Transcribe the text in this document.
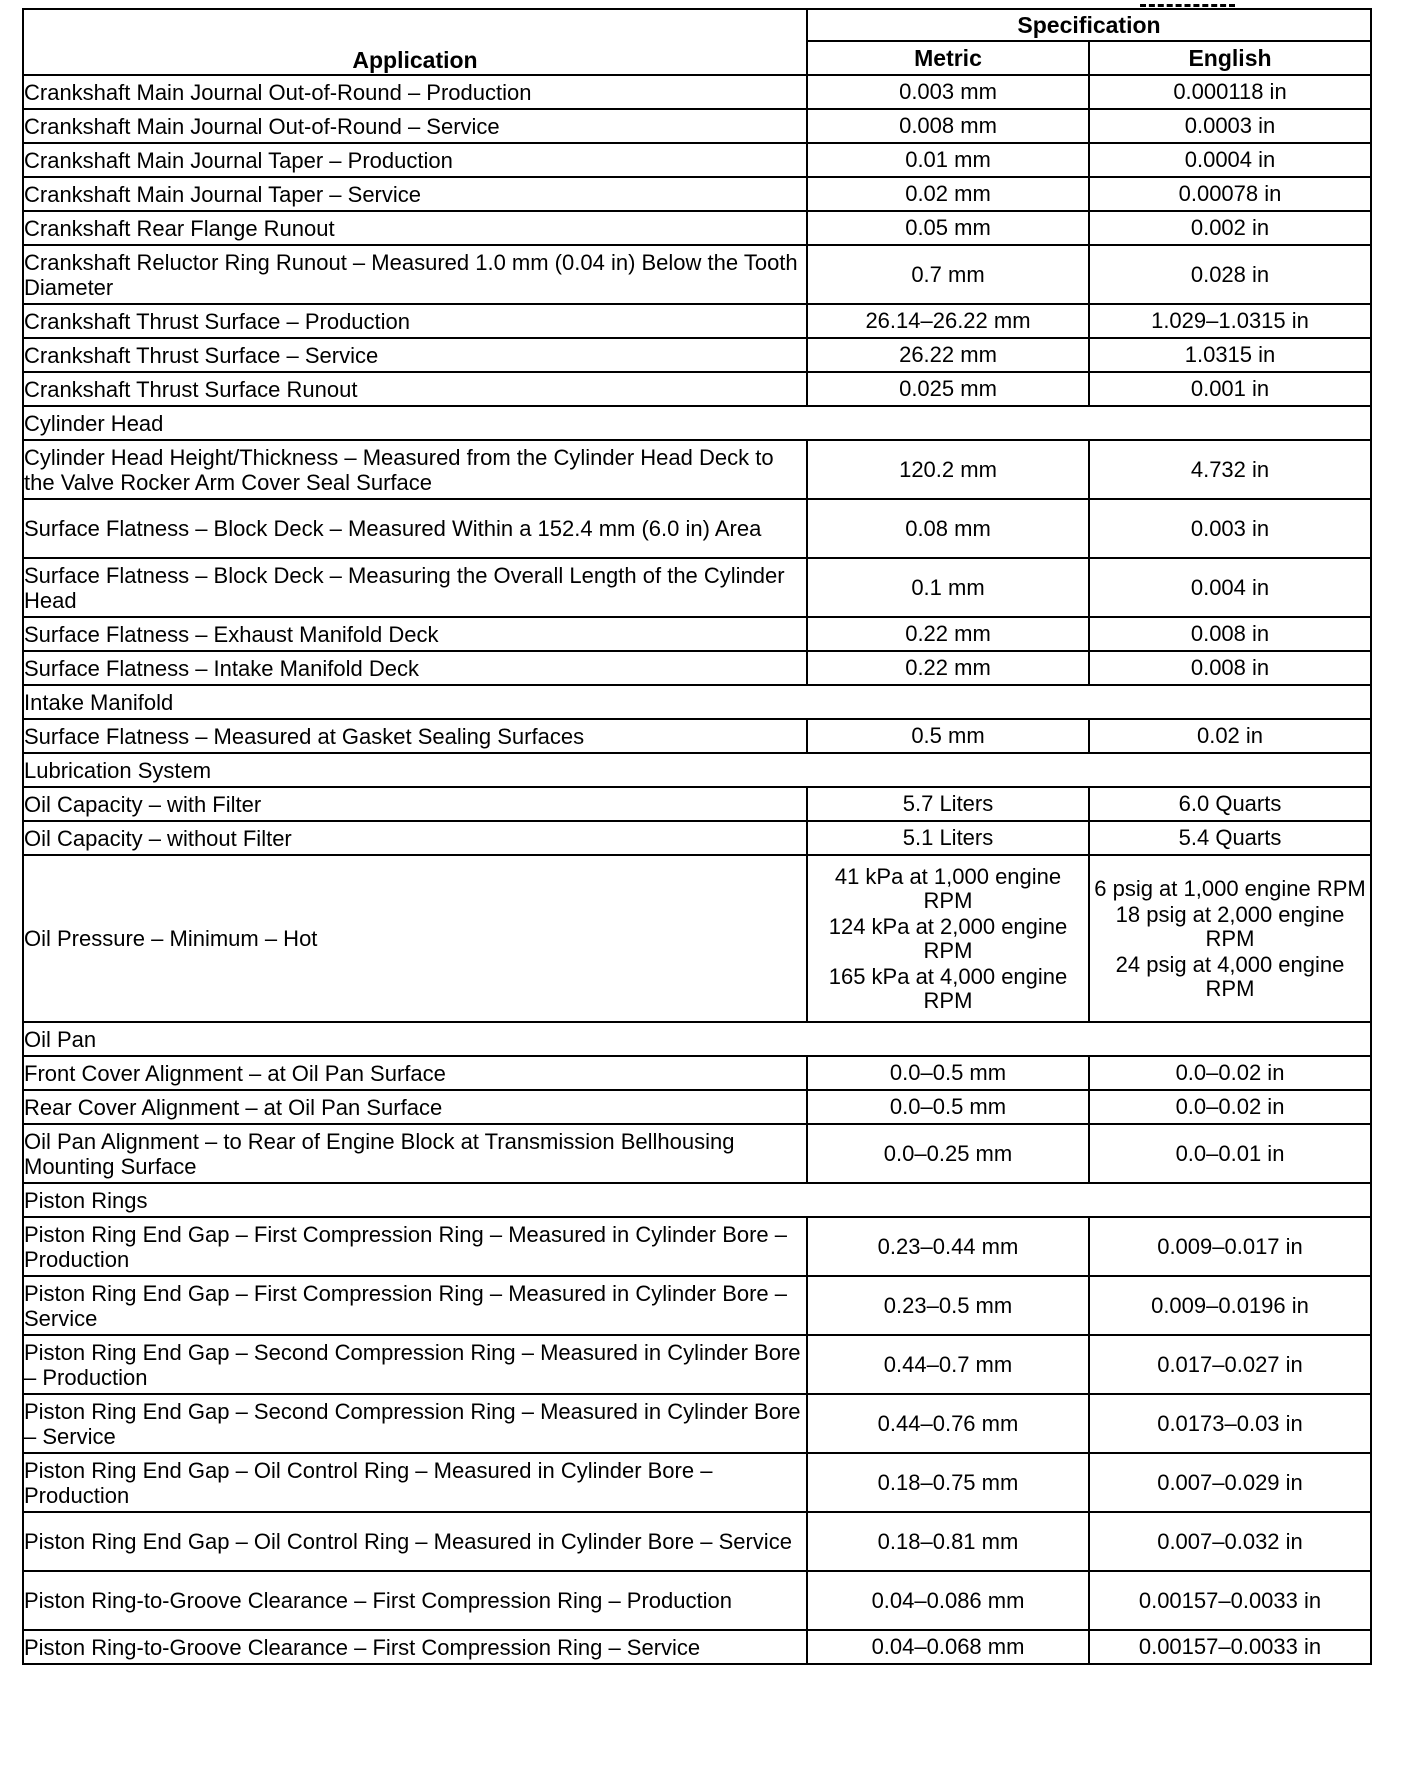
Application	Specification	
	Metric	English
Crankshaft Main Journal Out-of-Round – Production	0.003 mm	0.000118 in
Crankshaft Main Journal Out-of-Round – Service	0.008 mm	0.0003 in
Crankshaft Main Journal Taper – Production	0.01 mm	0.0004 in
Crankshaft Main Journal Taper – Service	0.02 mm	0.00078 in
Crankshaft Rear Flange Runout	0.05 mm	0.002 in
Crankshaft Reluctor Ring Runout – Measured 1.0 mm (0.04 in) Below the Tooth Diameter	0.7 mm	0.028 in
Crankshaft Thrust Surface – Production	26.14–26.22 mm	1.029–1.0315 in
Crankshaft Thrust Surface – Service	26.22 mm	1.0315 in
Crankshaft Thrust Surface Runout	0.025 mm	0.001 in
Cylinder Head		
Cylinder Head Height/Thickness – Measured from the Cylinder Head Deck to the Valve Rocker Arm Cover Seal Surface	120.2 mm	4.732 in
Surface Flatness – Block Deck – Measured Within a 152.4 mm (6.0 in) Area	0.08 mm	0.003 in
Surface Flatness – Block Deck – Measuring the Overall Length of the Cylinder Head	0.1 mm	0.004 in
Surface Flatness – Exhaust Manifold Deck	0.22 mm	0.008 in
Surface Flatness – Intake Manifold Deck	0.22 mm	0.008 in
Intake Manifold		
Surface Flatness – Measured at Gasket Sealing Surfaces	0.5 mm	0.02 in
Lubrication System		
Oil Capacity – with Filter	5.7 Liters	6.0 Quarts
Oil Capacity – without Filter	5.1 Liters	5.4 Quarts
Oil Pressure – Minimum – Hot	41 kPa at 1,000 engine RPM
124 kPa at 2,000 engine RPM
165 kPa at 4,000 engine RPM	6 psig at 1,000 engine RPM
18 psig at 2,000 engine RPM
24 psig at 4,000 engine RPM

Oil Pan		
Front Cover Alignment – at Oil Pan Surface	0.0–0.5 mm	0.0–0.02 in
Rear Cover Alignment – at Oil Pan Surface	0.0–0.5 mm	0.0–0.02 in
Oil Pan Alignment – to Rear of Engine Block at Transmission Bellhousing Mounting Surface	0.0–0.25 mm	0.0–0.01 in
Piston Rings		
Piston Ring End Gap – First Compression Ring – Measured in Cylinder Bore – Production	0.23–0.44 mm	0.009–0.017 in
Piston Ring End Gap – First Compression Ring – Measured in Cylinder Bore – Service	0.23–0.5 mm	0.009–0.0196 in
Piston Ring End Gap – Second Compression Ring – Measured in Cylinder Bore – Production	0.44–0.7 mm	0.017–0.027 in
Piston Ring End Gap – Second Compression Ring – Measured in Cylinder Bore – Service	0.44–0.76 mm	0.0173–0.03 in
Piston Ring End Gap – Oil Control Ring – Measured in Cylinder Bore – Production	0.18–0.75 mm	0.007–0.029 in
Piston Ring End Gap – Oil Control Ring – Measured in Cylinder Bore – Service	0.18–0.81 mm	0.007–0.032 in
Piston Ring-to-Groove Clearance – First Compression Ring – Production	0.04–0.086 mm	0.00157–0.0033 in
Piston Ring-to-Groove Clearance – First Compression Ring – Service	0.04–0.068 mm	0.00157–0.0033 in
